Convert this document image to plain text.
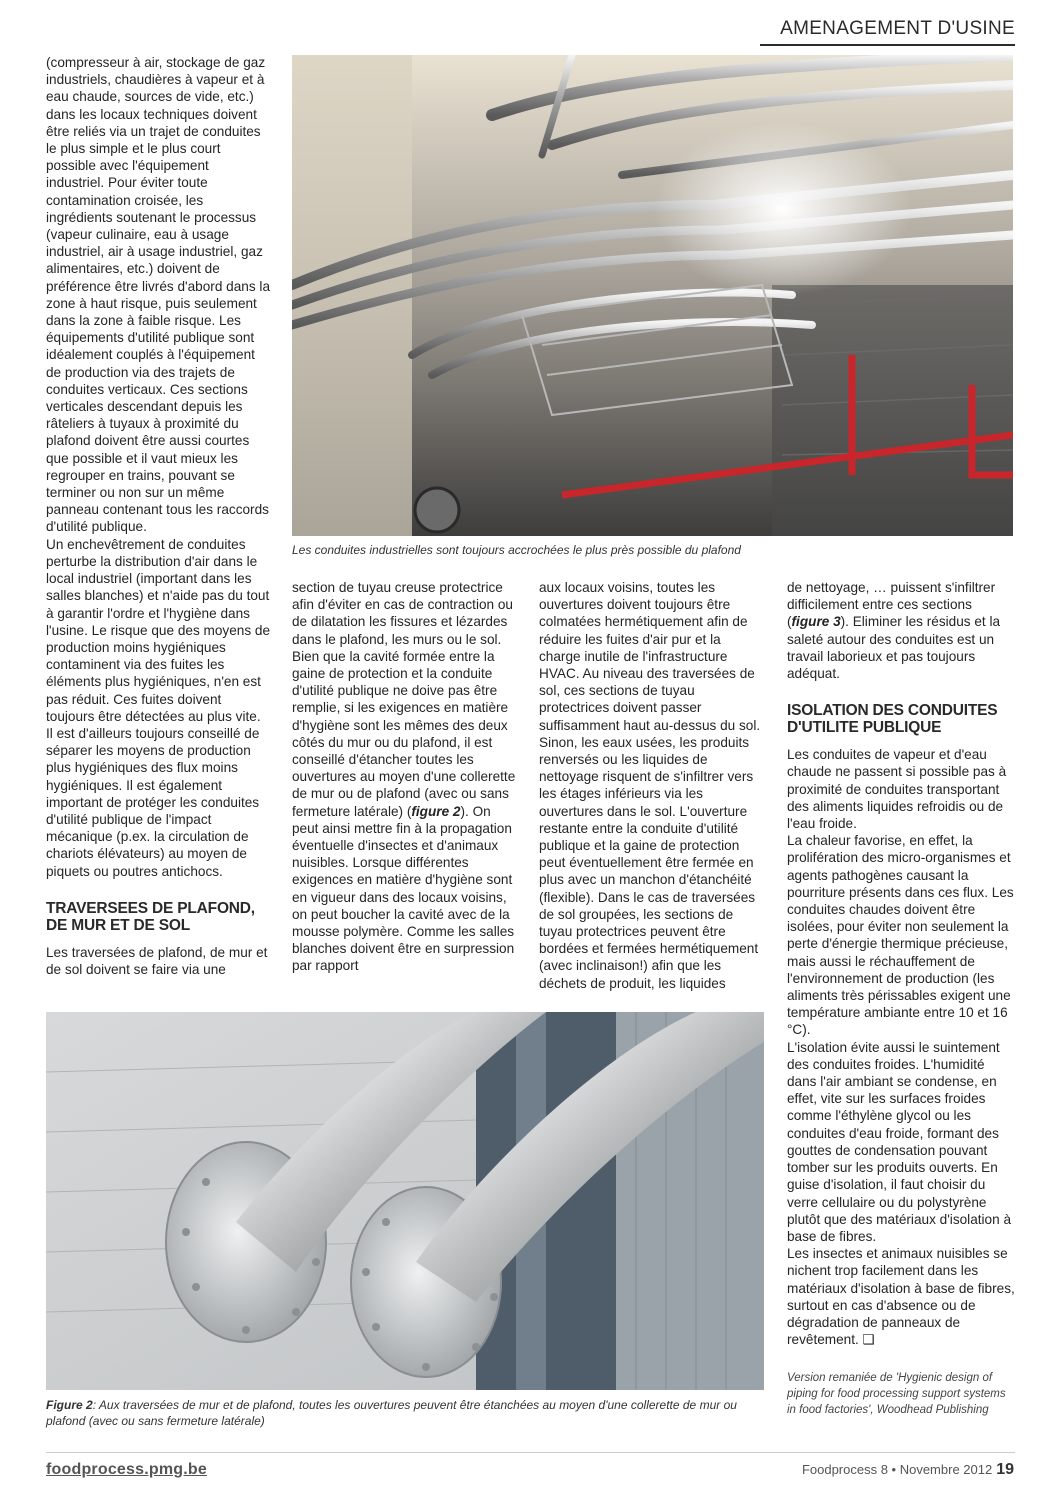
AMENAGEMENT D'USINE

(compresseur à air, stockage de gaz industriels, chaudières à vapeur et à eau chaude, sources de vide, etc.) dans les locaux techniques doivent être reliés via un trajet de conduites le plus simple et le plus court possible avec l'équipement industriel. Pour éviter toute contamination croisée, les ingrédients soutenant le processus (vapeur culinaire, eau à usage industriel, air à usage industriel, gaz alimentaires, etc.) doivent de préférence être livrés d'abord dans la zone à haut risque, puis seulement dans la zone à faible risque. Les équipements d'utilité publique sont idéalement couplés à l'équipement de production via des trajets de conduites verticaux. Ces sections verticales descendant depuis les râteliers à tuyaux à proximité du plafond doivent être aussi courtes que possible et il vaut mieux les regrouper en trains, pouvant se terminer ou non sur un même panneau contenant tous les raccords d'utilité publique.

Un enchevêtrement de conduites perturbe la distribution d'air dans le local industriel (important dans les salles blanches) et n'aide pas du tout à garantir l'ordre et l'hygiène dans l'usine. Le risque que des moyens de production moins hygiéniques contaminent via des fuites les éléments plus hygiéniques, n'en est pas réduit. Ces fuites doivent toujours être détectées au plus vite. Il est d'ailleurs toujours conseillé de séparer les moyens de production plus hygiéniques des flux moins hygiéniques. Il est également important de protéger les conduites d'utilité publique de l'impact mécanique (p.ex. la circulation de chariots élévateurs) au moyen de piquets ou poutres antichocs.

TRAVERSEES DE PLAFOND, DE MUR ET DE SOL

Les traversées de plafond, de mur et de sol doivent se faire via une

Les conduites industrielles sont toujours accrochées le plus près possible du plafond

section de tuyau creuse protectrice afin d'éviter en cas de contraction ou de dilatation les fissures et lézardes dans le plafond, les murs ou le sol. Bien que la cavité formée entre la gaine de protection et la conduite d'utilité publique ne doive pas être remplie, si les exigences en matière d'hygiène sont les mêmes des deux côtés du mur ou du plafond, il est conseillé d'étancher toutes les ouvertures au moyen d'une collerette de mur ou de plafond (avec ou sans fermeture latérale) (figure 2). On peut ainsi mettre fin à la propagation éventuelle d'insectes et d'animaux nuisibles. Lorsque différentes exigences en matière d'hygiène sont en vigueur dans des locaux voisins, on peut boucher la cavité avec de la mousse polymère. Comme les salles blanches doivent être en surpression par rapport

aux locaux voisins, toutes les ouvertures doivent toujours être colmatées hermétiquement afin de réduire les fuites d'air pur et la charge inutile de l'infrastructure HVAC. Au niveau des traversées de sol, ces sections de tuyau protectrices doivent passer suffisamment haut au-dessus du sol. Sinon, les eaux usées, les produits renversés ou les liquides de nettoyage risquent de s'infiltrer vers les étages inférieurs via les ouvertures dans le sol. L'ouverture restante entre la conduite d'utilité publique et la gaine de protection peut éventuellement être fermée en plus avec un manchon d'étanchéité (flexible). Dans le cas de traversées de sol groupées, les sections de tuyau protectrices peuvent être bordées et fermées hermétiquement (avec inclinaison!) afin que les déchets de produit, les liquides

de nettoyage, … puissent s'infiltrer difficilement entre ces sections (figure 3). Eliminer les résidus et la saleté autour des conduites est un travail laborieux et pas toujours adéquat.

ISOLATION DES CONDUITES D'UTILITE PUBLIQUE

Les conduites de vapeur et d'eau chaude ne passent si possible pas à proximité de conduites transportant des aliments liquides refroidis ou de l'eau froide.

La chaleur favorise, en effet, la prolifération des micro-organismes et agents pathogènes causant la pourriture présents dans ces flux. Les conduites chaudes doivent être isolées, pour éviter non seulement la perte d'énergie thermique précieuse, mais aussi le réchauffement de l'environnement de production (les aliments très périssables exigent une température ambiante entre 10 et 16 °C).

L'isolation évite aussi le suintement des conduites froides. L'humidité dans l'air ambiant se condense, en effet, vite sur les surfaces froides comme l'éthylène glycol ou les conduites d'eau froide, formant des gouttes de condensation pouvant tomber sur les produits ouverts. En guise d'isolation, il faut choisir du verre cellulaire ou du polystyrène plutôt que des matériaux d'isolation à base de fibres.

Les insectes et animaux nuisibles se nichent trop facilement dans les matériaux d'isolation à base de fibres, surtout en cas d'absence ou de dégradation de panneaux de revêtement. ❑

Version remaniée de 'Hygienic design of piping for food processing support systems in food factories', Woodhead Publishing

Figure 2: Aux traversées de mur et de plafond, toutes les ouvertures peuvent être étanchées au moyen d'une collerette de mur ou plafond (avec ou sans fermeture latérale)
foodprocess.pmg.be	Foodprocess 8 • Novembre 2012 19
